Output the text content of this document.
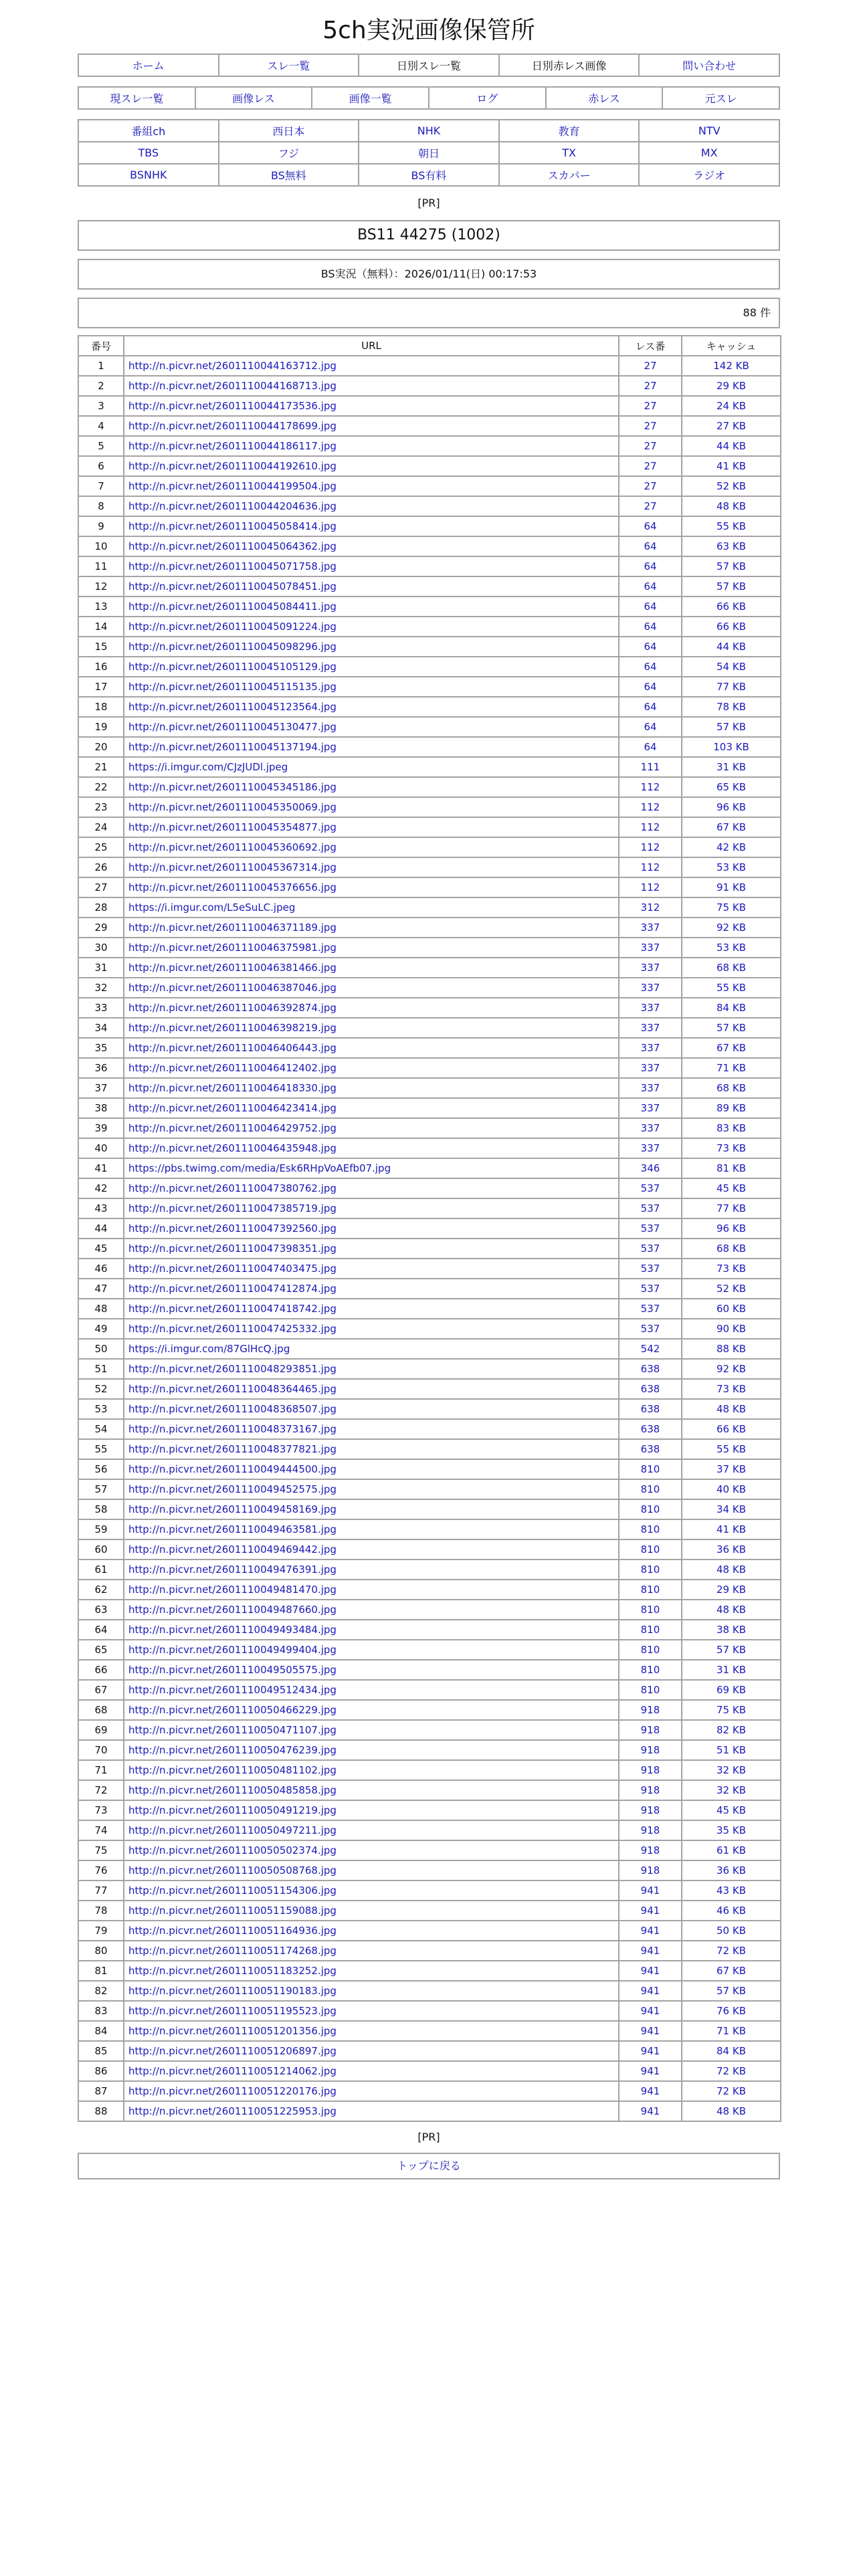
5ch実況画像保管所
ホーム	スレ一覧	日別スレ一覧	日別赤レス画像	問い合わせ
現スレ一覧	画像レス	画像一覧	ログ	赤レス	元スレ
番組ch	西日本	NHK	教育	NTV
TBS	フジ	朝日	TX	MX
BSNHK	BS無料	BS有料	スカパー	ラジオ
[PR]
BS11 44275 (1002)
BS実況（無料）：2026/01/11(日) 00:17:53
88 件
番号	URL	レス番	キャッシュ
1	http://n.picvr.net/2601110044163712.jpg	27	142 KB
2	http://n.picvr.net/2601110044168713.jpg	27	29 KB
3	http://n.picvr.net/2601110044173536.jpg	27	24 KB
4	http://n.picvr.net/2601110044178699.jpg	27	27 KB
5	http://n.picvr.net/2601110044186117.jpg	27	44 KB
6	http://n.picvr.net/2601110044192610.jpg	27	41 KB
7	http://n.picvr.net/2601110044199504.jpg	27	52 KB
8	http://n.picvr.net/2601110044204636.jpg	27	48 KB
9	http://n.picvr.net/2601110045058414.jpg	64	55 KB
10	http://n.picvr.net/2601110045064362.jpg	64	63 KB
11	http://n.picvr.net/2601110045071758.jpg	64	57 KB
12	http://n.picvr.net/2601110045078451.jpg	64	57 KB
13	http://n.picvr.net/2601110045084411.jpg	64	66 KB
14	http://n.picvr.net/2601110045091224.jpg	64	66 KB
15	http://n.picvr.net/2601110045098296.jpg	64	44 KB
16	http://n.picvr.net/2601110045105129.jpg	64	54 KB
17	http://n.picvr.net/2601110045115135.jpg	64	77 KB
18	http://n.picvr.net/2601110045123564.jpg	64	78 KB
19	http://n.picvr.net/2601110045130477.jpg	64	57 KB
20	http://n.picvr.net/2601110045137194.jpg	64	103 KB
21	https://i.imgur.com/CJzJUDl.jpeg	111	31 KB
22	http://n.picvr.net/2601110045345186.jpg	112	65 KB
23	http://n.picvr.net/2601110045350069.jpg	112	96 KB
24	http://n.picvr.net/2601110045354877.jpg	112	67 KB
25	http://n.picvr.net/2601110045360692.jpg	112	42 KB
26	http://n.picvr.net/2601110045367314.jpg	112	53 KB
27	http://n.picvr.net/2601110045376656.jpg	112	91 KB
28	https://i.imgur.com/L5eSuLC.jpeg	312	75 KB
29	http://n.picvr.net/2601110046371189.jpg	337	92 KB
30	http://n.picvr.net/2601110046375981.jpg	337	53 KB
31	http://n.picvr.net/2601110046381466.jpg	337	68 KB
32	http://n.picvr.net/2601110046387046.jpg	337	55 KB
33	http://n.picvr.net/2601110046392874.jpg	337	84 KB
34	http://n.picvr.net/2601110046398219.jpg	337	57 KB
35	http://n.picvr.net/2601110046406443.jpg	337	67 KB
36	http://n.picvr.net/2601110046412402.jpg	337	71 KB
37	http://n.picvr.net/2601110046418330.jpg	337	68 KB
38	http://n.picvr.net/2601110046423414.jpg	337	89 KB
39	http://n.picvr.net/2601110046429752.jpg	337	83 KB
40	http://n.picvr.net/2601110046435948.jpg	337	73 KB
41	https://pbs.twimg.com/media/Esk6RHpVoAEfb07.jpg	346	81 KB
42	http://n.picvr.net/2601110047380762.jpg	537	45 KB
43	http://n.picvr.net/2601110047385719.jpg	537	77 KB
44	http://n.picvr.net/2601110047392560.jpg	537	96 KB
45	http://n.picvr.net/2601110047398351.jpg	537	68 KB
46	http://n.picvr.net/2601110047403475.jpg	537	73 KB
47	http://n.picvr.net/2601110047412874.jpg	537	52 KB
48	http://n.picvr.net/2601110047418742.jpg	537	60 KB
49	http://n.picvr.net/2601110047425332.jpg	537	90 KB
50	https://i.imgur.com/87GlHcQ.jpg	542	88 KB
51	http://n.picvr.net/2601110048293851.jpg	638	92 KB
52	http://n.picvr.net/2601110048364465.jpg	638	73 KB
53	http://n.picvr.net/2601110048368507.jpg	638	48 KB
54	http://n.picvr.net/2601110048373167.jpg	638	66 KB
55	http://n.picvr.net/2601110048377821.jpg	638	55 KB
56	http://n.picvr.net/2601110049444500.jpg	810	37 KB
57	http://n.picvr.net/2601110049452575.jpg	810	40 KB
58	http://n.picvr.net/2601110049458169.jpg	810	34 KB
59	http://n.picvr.net/2601110049463581.jpg	810	41 KB
60	http://n.picvr.net/2601110049469442.jpg	810	36 KB
61	http://n.picvr.net/2601110049476391.jpg	810	48 KB
62	http://n.picvr.net/2601110049481470.jpg	810	29 KB
63	http://n.picvr.net/2601110049487660.jpg	810	48 KB
64	http://n.picvr.net/2601110049493484.jpg	810	38 KB
65	http://n.picvr.net/2601110049499404.jpg	810	57 KB
66	http://n.picvr.net/2601110049505575.jpg	810	31 KB
67	http://n.picvr.net/2601110049512434.jpg	810	69 KB
68	http://n.picvr.net/2601110050466229.jpg	918	75 KB
69	http://n.picvr.net/2601110050471107.jpg	918	82 KB
70	http://n.picvr.net/2601110050476239.jpg	918	51 KB
71	http://n.picvr.net/2601110050481102.jpg	918	32 KB
72	http://n.picvr.net/2601110050485858.jpg	918	32 KB
73	http://n.picvr.net/2601110050491219.jpg	918	45 KB
74	http://n.picvr.net/2601110050497211.jpg	918	35 KB
75	http://n.picvr.net/2601110050502374.jpg	918	61 KB
76	http://n.picvr.net/2601110050508768.jpg	918	36 KB
77	http://n.picvr.net/2601110051154306.jpg	941	43 KB
78	http://n.picvr.net/2601110051159088.jpg	941	46 KB
79	http://n.picvr.net/2601110051164936.jpg	941	50 KB
80	http://n.picvr.net/2601110051174268.jpg	941	72 KB
81	http://n.picvr.net/2601110051183252.jpg	941	67 KB
82	http://n.picvr.net/2601110051190183.jpg	941	57 KB
83	http://n.picvr.net/2601110051195523.jpg	941	76 KB
84	http://n.picvr.net/2601110051201356.jpg	941	71 KB
85	http://n.picvr.net/2601110051206897.jpg	941	84 KB
86	http://n.picvr.net/2601110051214062.jpg	941	72 KB
87	http://n.picvr.net/2601110051220176.jpg	941	72 KB
88	http://n.picvr.net/2601110051225953.jpg	941	48 KB
[PR]
トップに戻る
